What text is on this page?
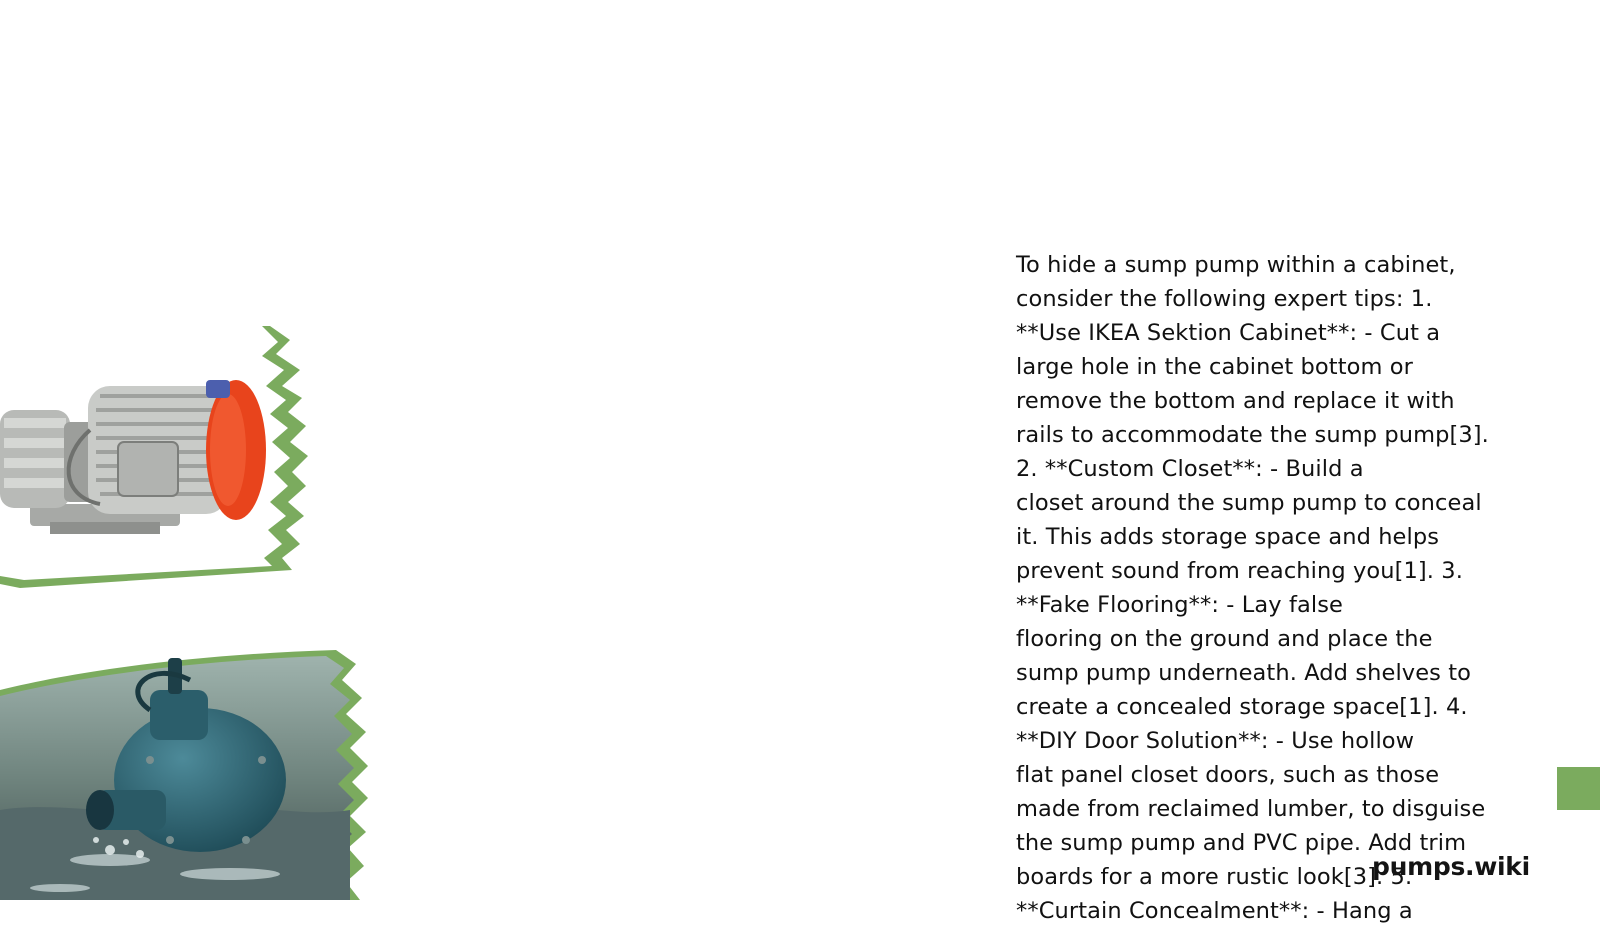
To hide a sump pump within a cabinet,
consider the following expert tips: 1.
**Use IKEA Sektion Cabinet**: - Cut a
large hole in the cabinet bottom or
remove the bottom and replace it with
rails to accommodate the sump pump[3].
2. **Custom Closet**: - Build a
closet around the sump pump to conceal
it. This adds storage space and helps
prevent sound from reaching you[1]. 3.
**Fake Flooring**: - Lay false
flooring on the ground and place the
sump pump underneath. Add shelves to
create a concealed storage space[1]. 4.
**DIY Door Solution**: - Use hollow
flat panel closet doors, such as those
made from reclaimed lumber, to disguise
the sump pump and PVC pipe. Add trim
boards for a more rustic look[3]. 5.
**Curtain Concealment**: - Hang a

pumps.wiki
